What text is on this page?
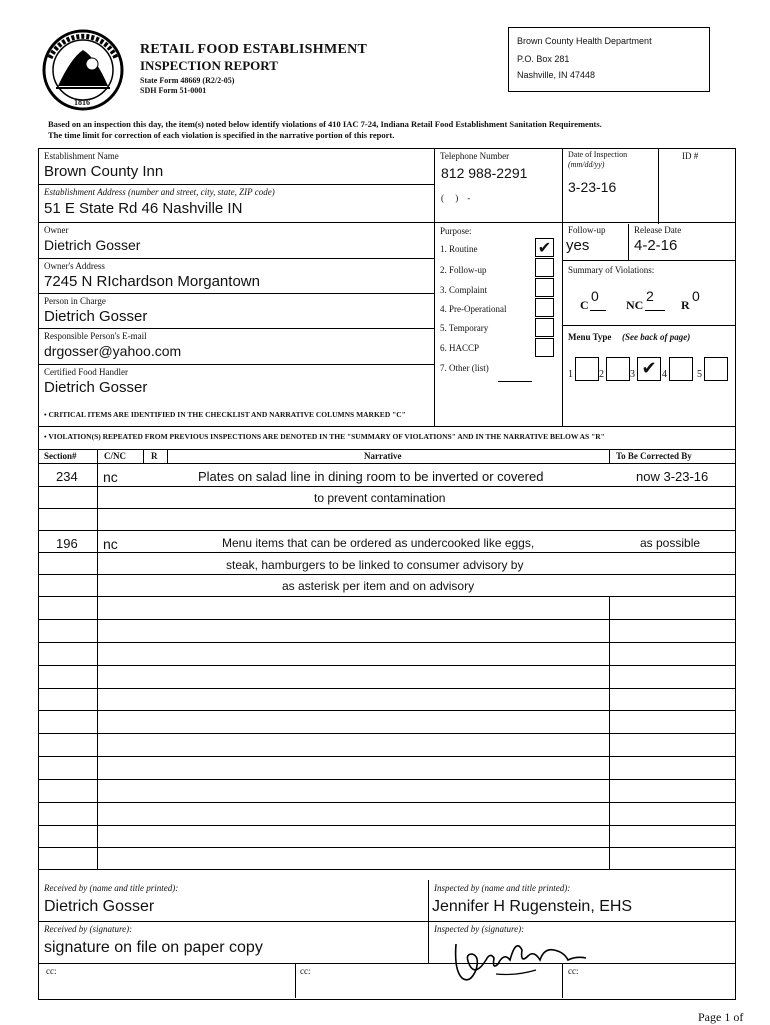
1816
RETAIL FOOD ESTABLISHMENT
INSPECTION REPORT
State Form 48669 (R2/2-05)
SDH Form 51-0001
Brown County Health Department
P.O. Box 281
Nashville, IN 47448
Based on an inspection this day, the item(s) noted below identify violations of 410 IAC 7-24, Indiana Retail Food Establishment Sanitation Requirements.
The time limit for correction of each violation is specified in the narrative portion of this report.
Establishment Name
Brown County Inn
Establishment Address (number and street, city, state, ZIP code)
51 E State Rd 46 Nashville IN
Owner
Dietrich Gosser
Owner's Address
7245 N RIchardson Morgantown
Person in Charge
Dietrich Gosser
Responsible Person's E-mail
drgosser@yahoo.com
Certified Food Handler
Dietrich Gosser
Telephone Number
812 988-2291
(     )    -
Date of Inspection
(mm/dd/yy)
3-23-16
ID #
Follow-up
yes
Release Date
4-2-16
Purpose:
1. Routine	✔
2. Follow-up
3. Complaint
4. Pre-Operational
5. Temporary
6. HACCP
7. Other (list)
Summary of Violations:
C
0
NC
2
R
0
Menu Type (See back of page)
1	2	3 ✔ 4	5
• CRITICAL ITEMS ARE IDENTIFIED IN THE CHECKLIST AND NARRATIVE COLUMNS MARKED "C"
• VIOLATION(S) REPEATED FROM PREVIOUS INSPECTIONS ARE DENOTED IN THE "SUMMARY OF VIOLATIONS" AND IN THE NARRATIVE BELOW AS "R"
Section#	C/NC	R	Narrative	To Be Corrected By
234 nc	Plates on salad line in dining room to be inverted or covered	now 3-23-16
to prevent contamination
196 nc	Menu items that can be ordered as undercooked like eggs,	as possible
steak, hamburgers to be linked to consumer advisory by
as asterisk per item and on advisory
Received by (name and title printed):
Dietrich Gosser
Inspected by (name and title printed):
Jennifer H Rugenstein, EHS
Received by (signature):
signature on file on paper copy
Inspected by (signature):
cc:	cc:	cc:
Page 1 of
